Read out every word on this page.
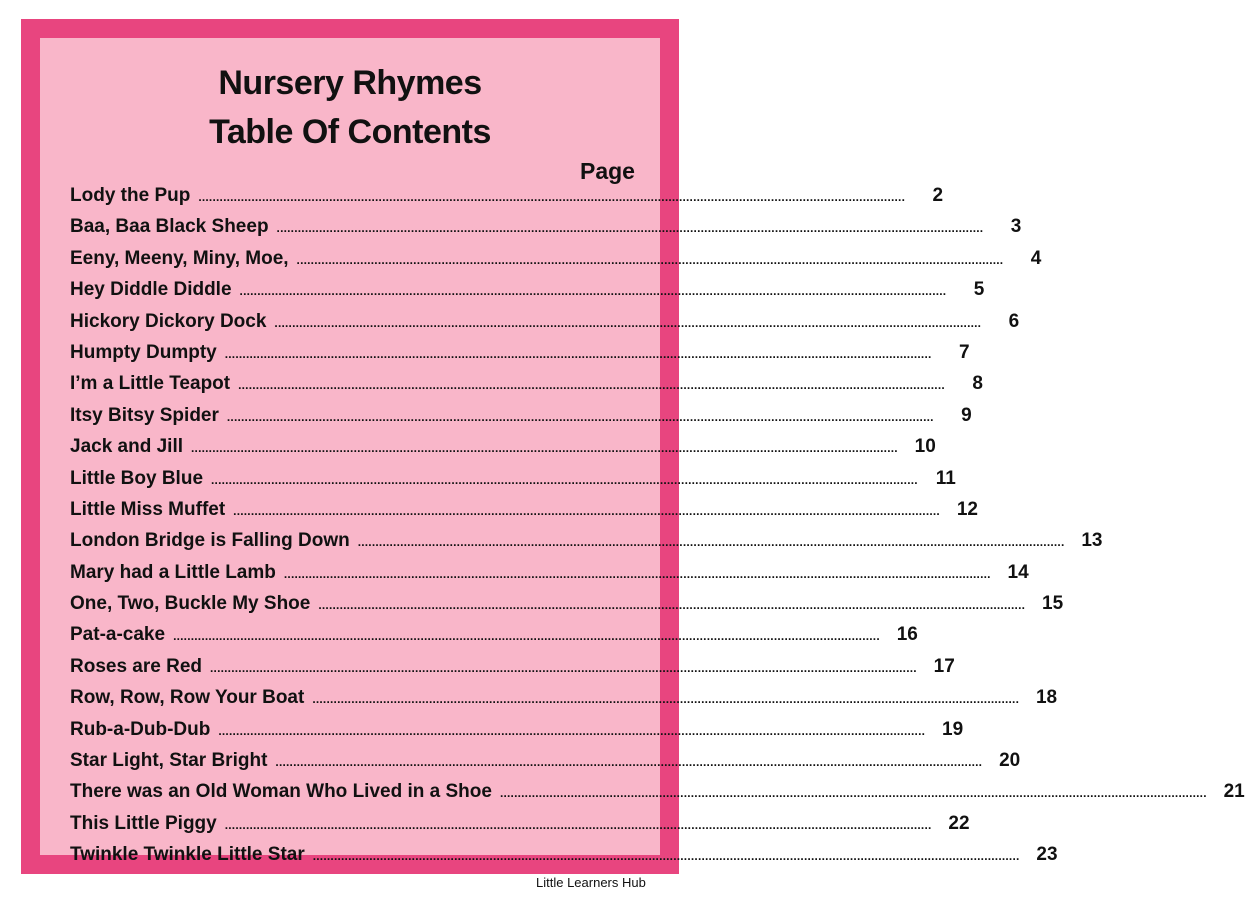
Nursery Rhymes
Table Of Contents
Page
Lody the Pup ........................................................................................................................................................................................................	2
Baa, Baa Black Sheep ........................................................................................................................................................................................................	3
Eeny, Meeny, Miny, Moe, ........................................................................................................................................................................................................	4
Hey Diddle Diddle ........................................................................................................................................................................................................	5
Hickory Dickory Dock ........................................................................................................................................................................................................	6
Humpty Dumpty ........................................................................................................................................................................................................	7
I’m a Little Teapot ........................................................................................................................................................................................................	8
Itsy Bitsy Spider ........................................................................................................................................................................................................	9
Jack and Jill ........................................................................................................................................................................................................ 10
Little Boy Blue ........................................................................................................................................................................................................ 11
Little Miss Muffet ........................................................................................................................................................................................................ 12
London Bridge is Falling Down ........................................................................................................................................................................................................ 13
Mary had a Little Lamb ........................................................................................................................................................................................................ 14
One, Two, Buckle My Shoe ........................................................................................................................................................................................................ 15
Pat-a-cake ........................................................................................................................................................................................................ 16
Roses are Red ........................................................................................................................................................................................................ 17
Row, Row, Row Your Boat ........................................................................................................................................................................................................ 18
Rub-a-Dub-Dub ........................................................................................................................................................................................................ 19
Star Light, Star Bright ........................................................................................................................................................................................................ 20
There was an Old Woman Who Lived in a Shoe ........................................................................................................................................................................................................ 21
This Little Piggy ........................................................................................................................................................................................................ 22
Twinkle Twinkle Little Star ........................................................................................................................................................................................................ 23
Little Learners Hub
